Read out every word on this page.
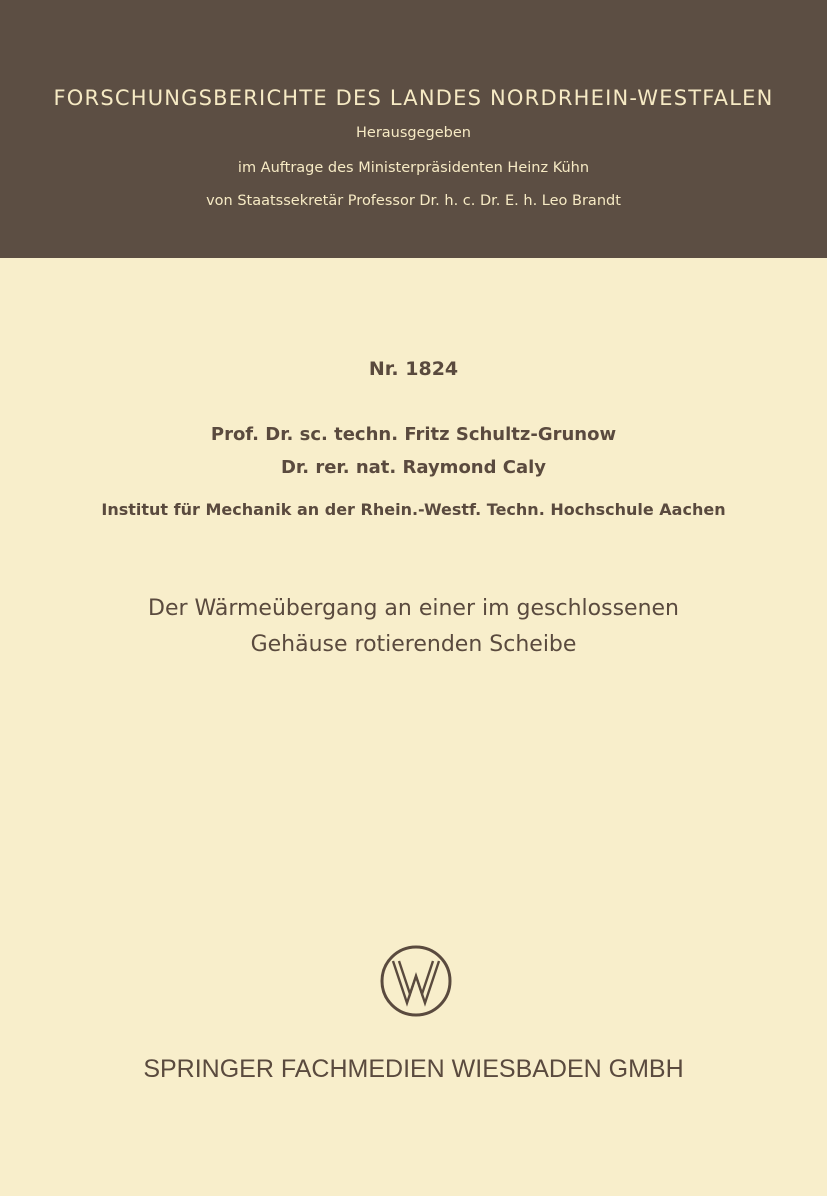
FORSCHUNGSBERICHTE DES LANDES NORDRHEIN-WESTFALEN
Herausgegeben
im Auftrage des Ministerpräsidenten Heinz Kühn
von Staatssekretär Professor Dr. h. c. Dr. E. h. Leo Brandt
Nr. 1824
Prof. Dr. sc. techn. Fritz Schultz-Grunow
Dr. rer. nat. Raymond Caly
Institut für Mechanik an der Rhein.-Westf. Techn. Hochschule Aachen
Der Wärmeübergang an einer im geschlossenen
Gehäuse rotierenden Scheibe
SPRINGER FACHMEDIEN WIESBADEN GMBH
